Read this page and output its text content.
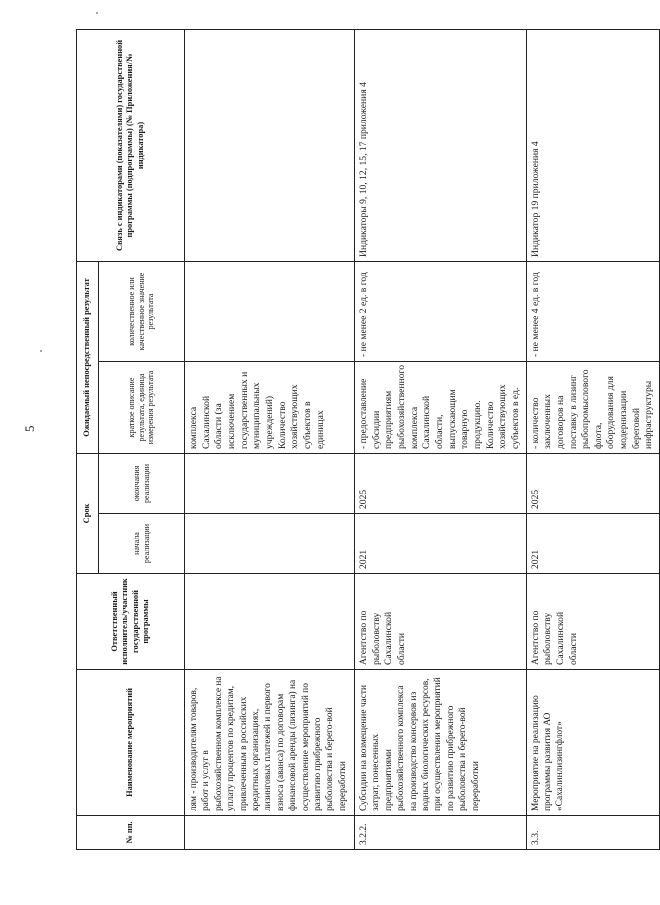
5
№ пп.	Наименование мероприятий	Ответственный исполнитель/участник государственной программы	Срок		Ожидаемый непосредственный результат		Связь с индикаторами (показателями) государственной программы (подпрограммы) (№ Приложения/№ индикатора)
			начала реализации	окончания реализации	краткое описание результата, единица измерения результата	количественное или качественное значение результата	
	лям - производителям товаров, работ и услуг в рыбохозяйственном комплексе на уплату процентов по кредитам, привлеченным в российских кредитных организациях, лизинговых платежей и первого взноса (аванса) по договорам финансовой аренды (лизинга) на осуществление мероприятий по развитию прибрежного рыболовства и берего-вой переработки				комплекса Сахалинской области (за исключением государственных и муниципальных учреждений) Количество хозяйствующих субъектов в единицах		
3.2.2.	Субсидии на возмещение части затрат, понесенных предприятиями рыбохозяйственного комплекса на производство консервов из водных биологических ресурсов, при осуществлении мероприятий по развитию прибрежного рыболовства и берего-вой переработки	Агентство по рыболовству Сахалинской области	2021	2025	- предоставление субсидии предприятиям рыбохозяйственного комплекса Сахалинской области, выпускающим товарную продукцию. Количество хозяйствующих субъектов в ед.	- не менее 2 ед. в год	Индикаторы 9, 10, 12, 15, 17 приложения 4
3.3.	Мероприятие на реализацию программы развития АО «Сахалинлизингфлот»	Агентство по рыболовству Сахалинской области	2021	2025	- количество заключенных договоров на поставку в лизинг рыбопромыслового флота, оборудования для модернизации береговой инфраструктуры	- не менее 4 ед. в год	Индикатор 19 приложения 4
